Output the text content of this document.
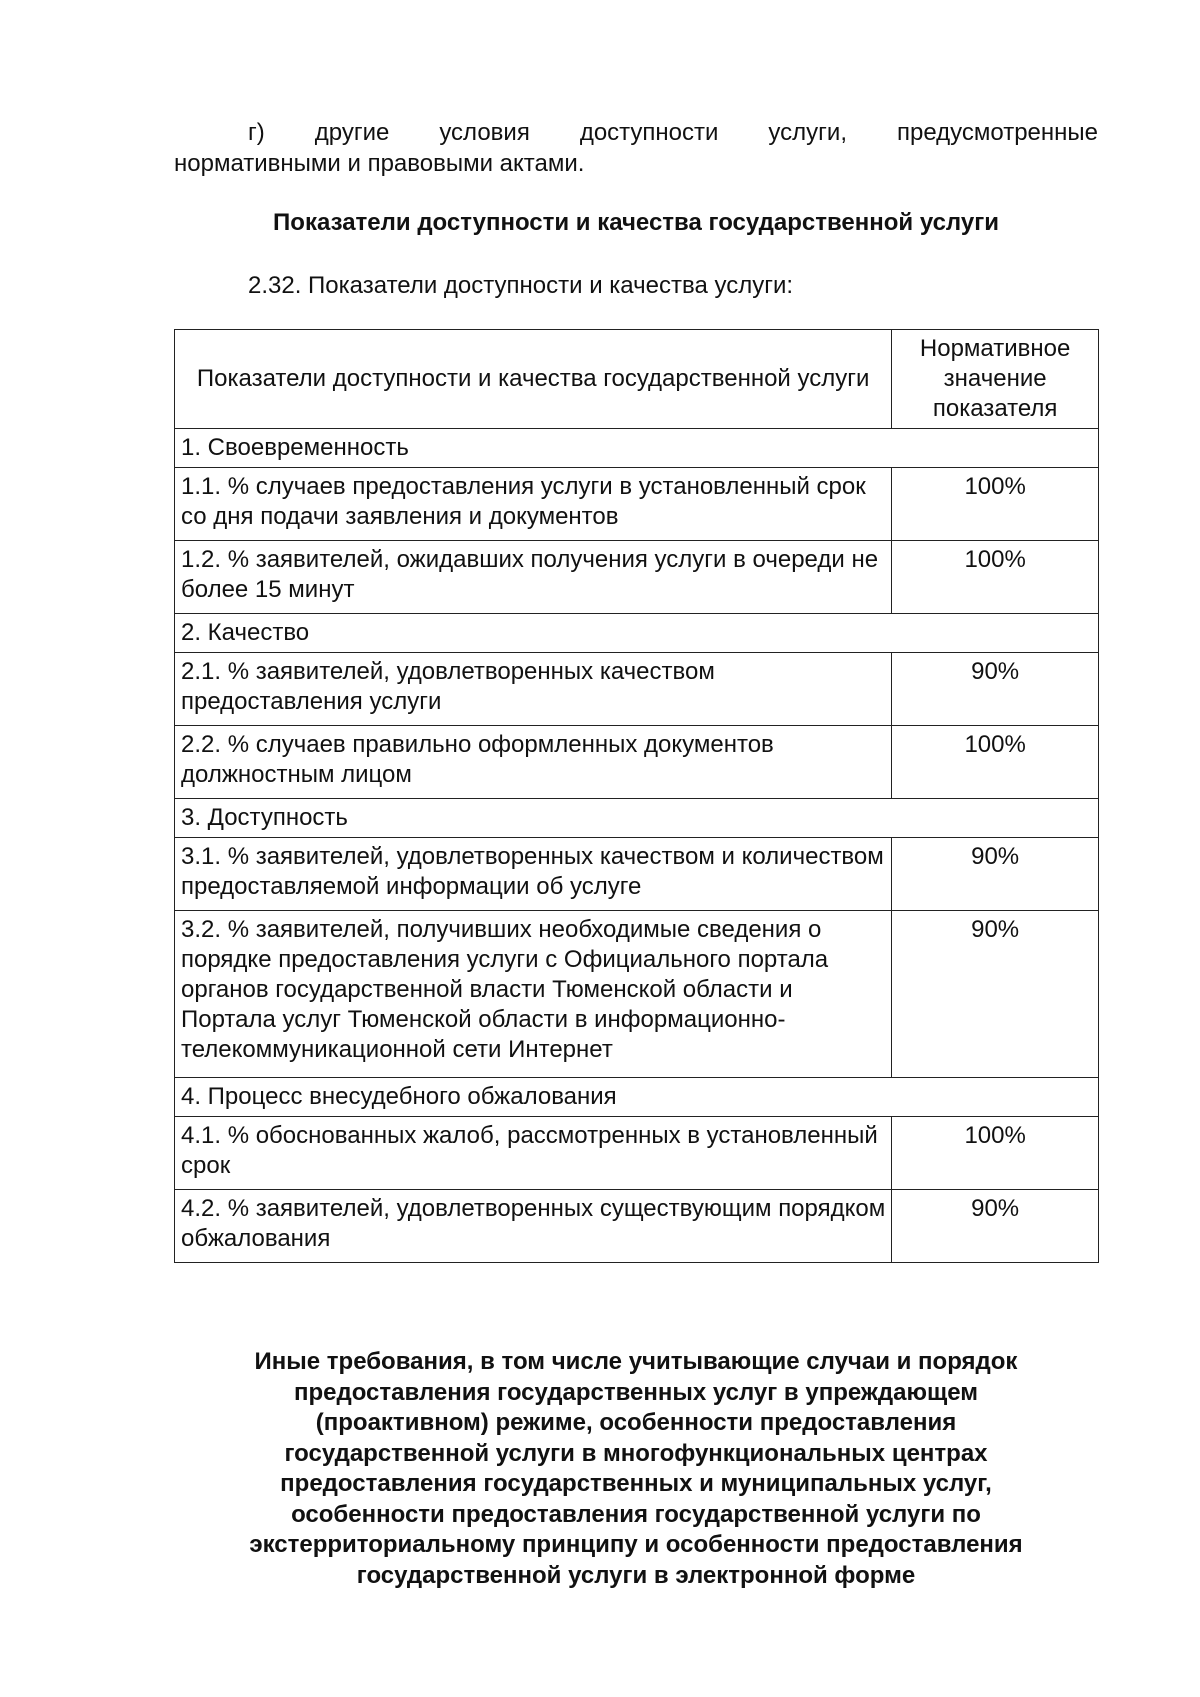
г) другие условия доступности услуги, предусмотренные
нормативными и правовыми актами.
Показатели доступности и качества государственной услуги
2.32. Показатели доступности и качества услуги:
Показатели доступности и качества государственной услуги	Нормативное
значение
показателя

1. Своевременность	
1.1. % случаев предоставления услуги в установленный срок со дня подачи заявления и документов	100%
1.2. % заявителей, ожидавших получения услуги в очереди не более 15 минут	100%
2. Качество	
2.1. % заявителей, удовлетворенных качеством предоставления услуги	90%
2.2. % случаев правильно оформленных документов должностным лицом	100%
3. Доступность	
3.1. % заявителей, удовлетворенных качеством и количеством предоставляемой информации об услуге	90%
3.2. % заявителей, получивших необходимые сведения о порядке предоставления услуги с Официального портала органов государственной власти Тюменской области и Портала услуг Тюменской области в информационно-телекоммуникационной сети Интернет	90%
4. Процесс внесудебного обжалования	
4.1. % обоснованных жалоб, рассмотренных в установленный срок	100%
4.2. % заявителей, удовлетворенных существующим порядком обжалования	90%
Иные требования, в том числе учитывающие случаи и порядок
предоставления государственных услуг в упреждающем
(проактивном) режиме, особенности предоставления
государственной услуги в многофункциональных центрах
предоставления государственных и муниципальных услуг,
особенности предоставления государственной услуги по
экстерриториальному принципу и особенности предоставления
государственной услуги в электронной форме
